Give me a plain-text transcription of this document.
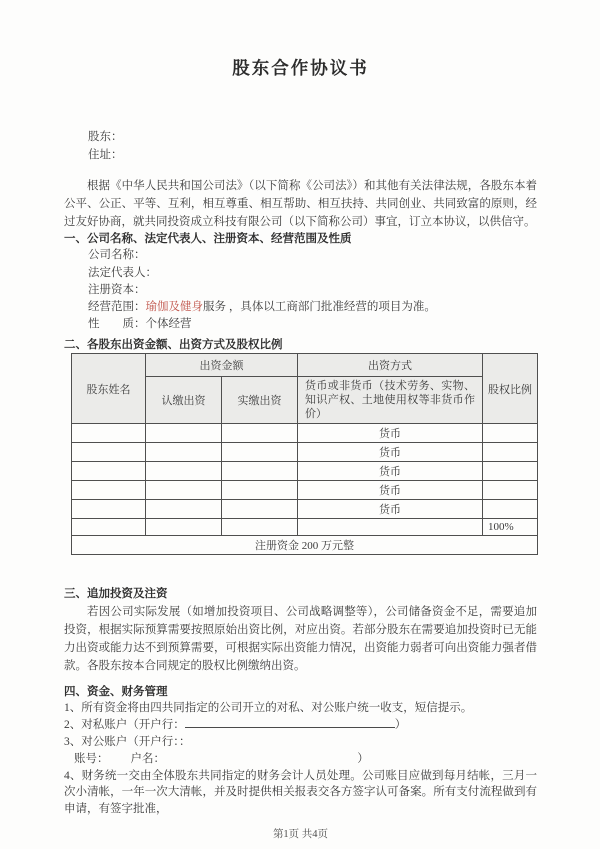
股东合作协议书
股东：
住址：

根据《中华人民共和国公司法》（以下简称《公司法》）和其他有关法律法规，各股东本着公平、公正、平等、互利，相互尊重、相互帮助、相互扶持、共同创业、共同致富的原则，经过友好协商，就共同投资成立科技有限公司（以下简称公司）事宜，订立本协议，以供信守。

一、公司名称、法定代表人、注册资本、经营范围及性质
公司名称：
法定代表人：
注册资本：
经营范围：瑜伽及健身服务 ，具体以工商部门批准经营的项目为准。
性　　质：个体经营
二、各股东出资金额、出资方式及股权比例
股东姓名	出资金额		出资方式	股权比例
	认缴出资	实缴出资	货币或非货币（技术劳务、实物、知识产权、土地使用权等非货币作价）	
			货币	
			货币	
			货币	
			货币	
			货币	
				100%
注册资金 200 万元整				
三、追加投资及注资

若因公司实际发展（如增加投资项目、公司战略调整等），公司储备资金不足，需要追加投资，根据实际预算需要按照原始出资比例，对应出资。若部分股东在需要追加投资时已无能力出资或能力达不到预算需要，可根据实际出资能力情况，出资能力弱者可向出资能力强者借款。各股东按本合同规定的股权比例缴纳出资。

四、资金、财务管理

1、所有资金将由四共同指定的公司开立的对私、对公账户统一收支，短信提示。

2、对私账户（开户行：	）

3、对公账户（开户行：：

账号： 户名：	）

4、财务统一交由全体股东共同指定的财务会计人员处理。公司账目应做到每月结帐，三月一次小清帐，一年一次大清帐，并及时提供相关报表交各方签字认可备案。所有支付流程做到有申请，有签字批准，

第1页 共4页
